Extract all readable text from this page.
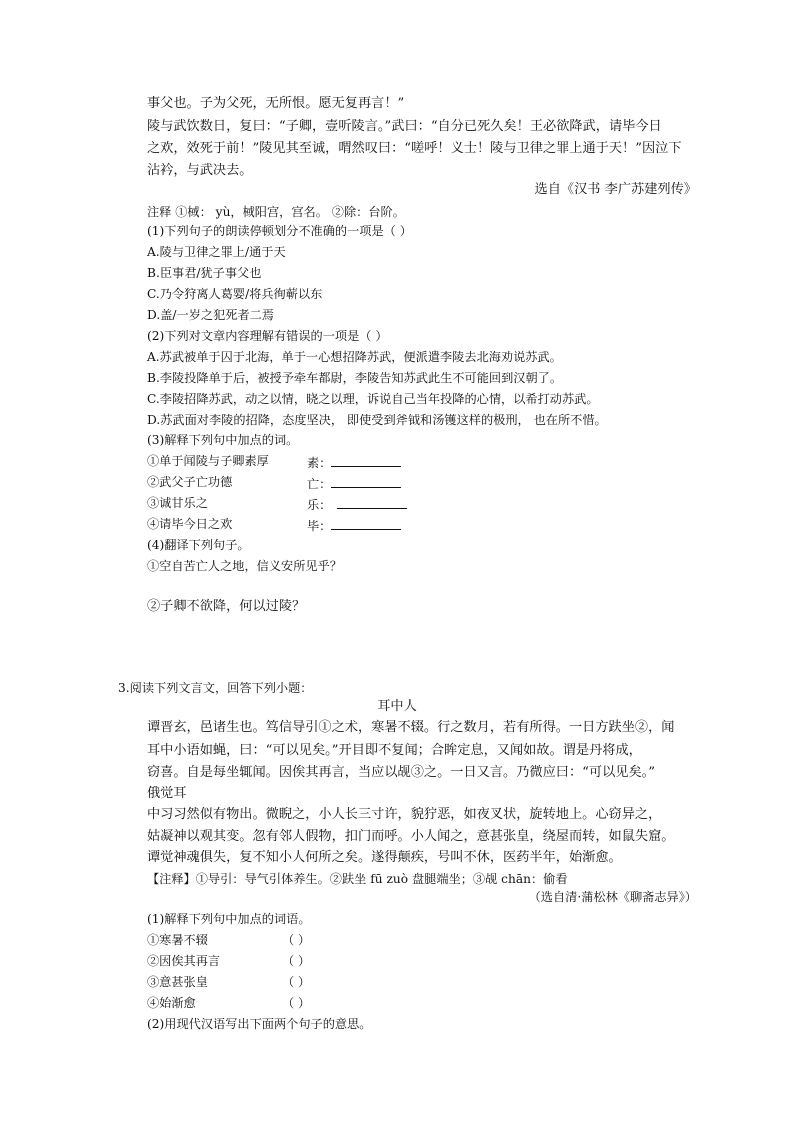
事父也。子为父死，无所恨。愿无复再言！”
陵与武饮数日，复曰：“子卿，壹听陵言。”武曰：“自分已死久矣！王必欲降武，请毕今日
之欢，效死于前！”陵见其至诚，喟然叹曰：“嗟呼！义士！陵与卫律之罪上通于天！”因泣下
沾衿，与武决去。
选自《汉书 李广苏建列传》
注释 ①棫： yù，棫阳宫，宫名。 ②除：台阶。
(1)下列句子的朗读停顿划分不准确的一项是（ ）
A.陵与卫律之罪上/通于天
B.臣事君/犹子事父也
C.乃令狩离人葛婴/将兵徇蕲以东
D.盖/一岁之犯死者二焉
(2)下列对文章内容理解有错误的一项是（ ）
A.苏武被单于囚于北海，单于一心想招降苏武，便派遣李陵去北海劝说苏武。
B.李陵投降单于后，被授予牵车都尉，李陵告知苏武此生不可能回到汉朝了。
C.李陵招降苏武，动之以情，晓之以理，诉说自己当年投降的心情，以希打动苏武。
D.苏武面对李陵的招降，态度坚决， 即使受到斧钺和汤镬这样的极刑， 也在所不惜。
(3)解释下列句中加点的词。
①单于闻陵与子卿素厚	素：
②武父子亡功德	亡：
③诚甘乐之	乐：
④请毕今日之欢	毕：
(4)翻译下列句子。
①空自苦亡人之地，信义安所见乎？
②子卿不欲降，何以过陵？
3.阅读下列文言文，回答下列小题：
耳中人
谭晋玄，邑诸生也。笃信导引①之术，寒暑不辍。行之数月，若有所得。一日方趺坐②，闻
耳中小语如蝇，曰：“可以见矣。”开目即不复闻；合眸定息，又闻如故。谓是丹将成，
窃喜。自是每坐辄闻。因俟其再言，当应以觇③之。一日又言。乃微应曰：“可以见矣。”
俄觉耳
中习习然似有物出。微睨之，小人长三寸许，貌狞恶，如夜叉状，旋转地上。心窃异之，
姑凝神以观其变。忽有邻人假物，扣门而呼。小人闻之，意甚张皇，绕屋而转，如鼠失窟。
谭觉神魂俱失，复不知小人何所之矣。遂得颠疾，号叫不休，医药半年，始渐愈。
【注释】①导引：导气引体养生。②趺坐 fū zuò 盘腿端坐；③觇 chān：偷看
（选自清·蒲松林《聊斋志异》）
(1)解释下列句中加点的词语。
①寒暑不辍	（ ）
②因俟其再言	（ ）
③意甚张皇	（ ）
④始渐愈	（ ）
(2)用现代汉语写出下面两个句子的意思。
